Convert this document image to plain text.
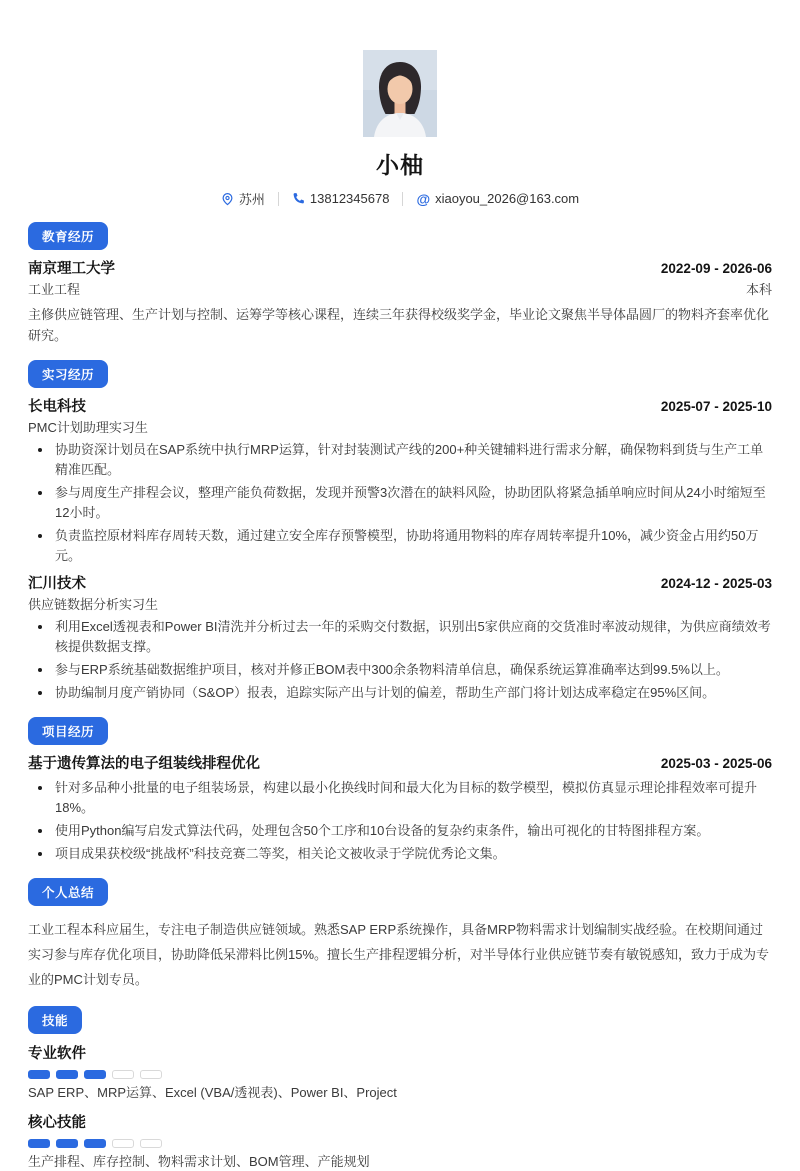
小柚
苏州	13812345678 @ xiaoyou_2026@163.com
教育经历
南京理工大学	2022-09 - 2026-06
工业工程	本科

主修供应链管理、生产计划与控制、运筹学等核心课程，连续三年获得校级奖学金，毕业论文聚焦半导体晶圆厂的物料齐套率优化研究。

实习经历
长电科技	2025-07 - 2025-10
PMC计划助理实习生
协助资深计划员在SAP系统中执行MRP运算，针对封装测试产线的200+种关键辅料进行需求分解，确保物料到货与生产工单精准匹配。
参与周度生产排程会议，整理产能负荷数据，发现并预警3次潜在的缺料风险，协助团队将紧急插单响应时间从24小时缩短至12小时。
负责监控原材料库存周转天数，通过建立安全库存预警模型，协助将通用物料的库存周转率提升10%，减少资金占用约50万元。
汇川技术	2024-12 - 2025-03
供应链数据分析实习生
利用Excel透视表和Power BI清洗并分析过去一年的采购交付数据，识别出5家供应商的交货准时率波动规律，为供应商绩效考核提供数据支撑。
参与ERP系统基础数据维护项目，核对并修正BOM表中300余条物料清单信息，确保系统运算准确率达到99.5%以上。
协助编制月度产销协同（S&OP）报表，追踪实际产出与计划的偏差，帮助生产部门将计划达成率稳定在95%区间。
项目经历
基于遗传算法的电子组装线排程优化	2025-03 - 2025-06
针对多品种小批量的电子组装场景，构建以最小化换线时间和最大化为目标的数学模型，模拟仿真显示理论排程效率可提升18%。
使用Python编写启发式算法代码，处理包含50个工序和10台设备的复杂约束条件，输出可视化的甘特图排程方案。
项目成果获校级“挑战杯”科技竞赛二等奖，相关论文被收录于学院优秀论文集。
个人总结

工业工程本科应届生，专注电子制造供应链领域。熟悉SAP ERP系统操作，具备MRP物料需求计划编制实战经验。在校期间通过实习参与库存优化项目，协助降低呆滞料比例15%。擅长生产排程逻辑分析，对半导体行业供应链节奏有敏锐感知，致力于成为专业的PMC计划专员。

技能
专业软件

SAP ERP、MRP运算、Excel (VBA/透视表)、Power BI、Project

核心技能

生产排程、库存控制、物料需求计划、BOM管理、产能规划
